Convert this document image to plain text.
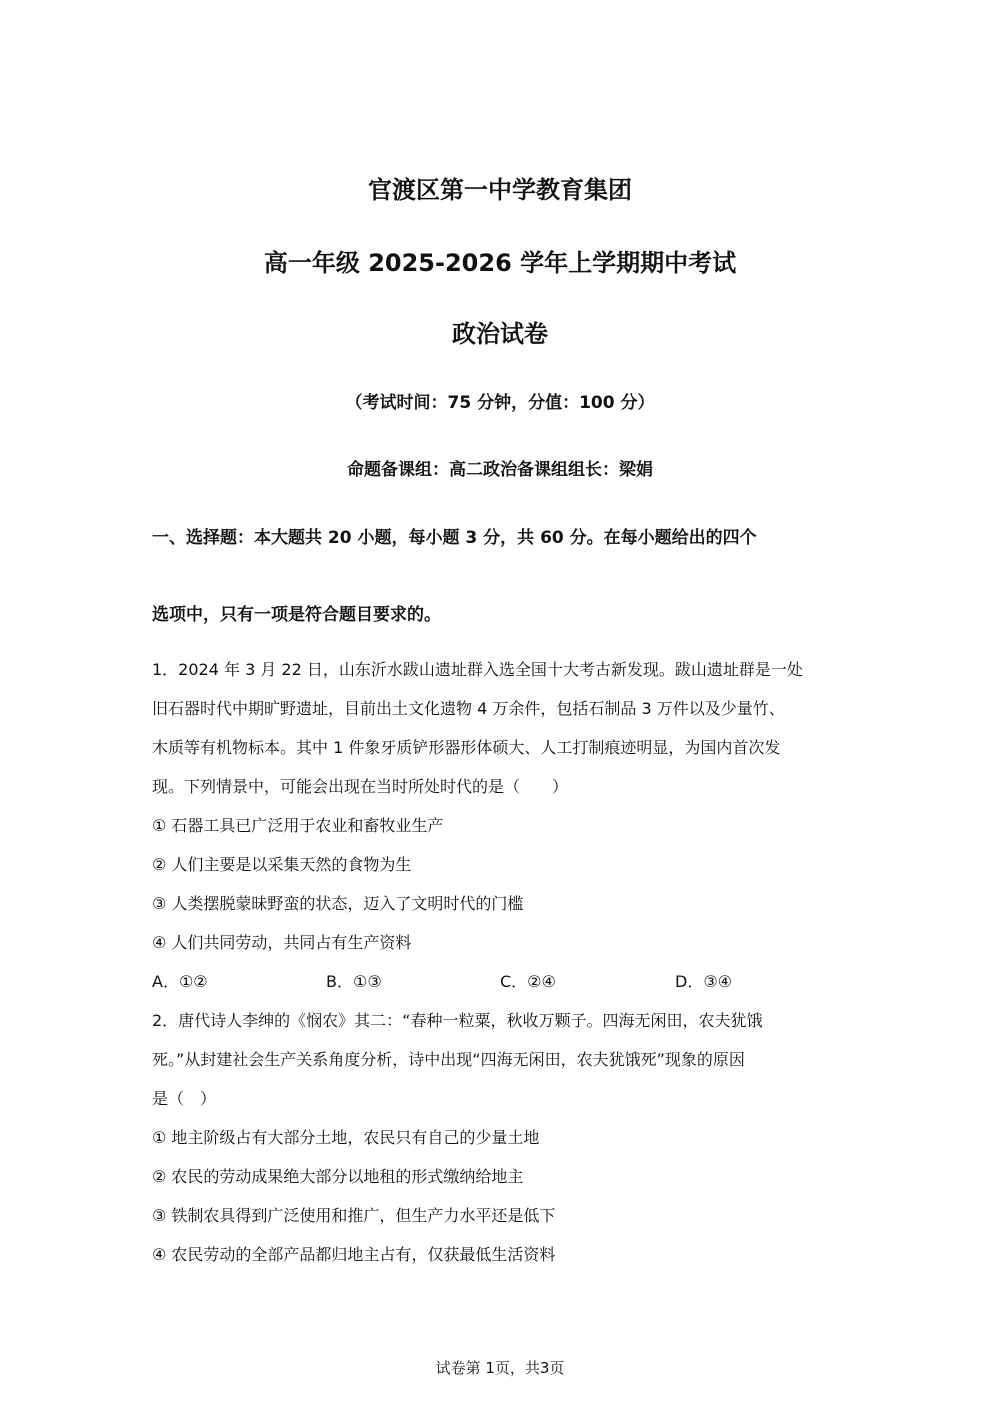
官渡区第一中学教育集团
高一年级 2025-2026 学年上学期期中考试
政治试卷
（考试时间：75 分钟，分值：100 分）
命题备课组：高二政治备课组组长：梁娟
一、选择题：本大题共 20 小题，每小题 3 分，共 60 分。在每小题给出的四个
选项中，只有一项是符合题目要求的。
1．2024 年 3 月 22 日，山东沂水跋山遗址群入选全国十大考古新发现。跋山遗址群是一处
旧石器时代中期旷野遗址，目前出土文化遗物 4 万余件，包括石制品 3 万件以及少量竹、
木质等有机物标本。其中 1 件象牙质铲形器形体硕大、人工打制痕迹明显，为国内首次发
现。下列情景中，可能会出现在当时所处时代的是（　　）
① 石器工具已广泛用于农业和畜牧业生产
② 人们主要是以采集天然的食物为生
③ 人类摆脱蒙昧野蛮的状态，迈入了文明时代的门槛
④ 人们共同劳动，共同占有生产资料
A．①②	B．①③	C．②④	D．③④
2．唐代诗人李绅的《悯农》其二：“春种一粒粟，秋收万颗子。四海无闲田，农夫犹饿
死。”从封建社会生产关系角度分析，诗中出现“四海无闲田，农夫犹饿死”现象的原因
是（　）
① 地主阶级占有大部分土地，农民只有自己的少量土地
② 农民的劳动成果绝大部分以地租的形式缴纳给地主
③ 铁制农具得到广泛使用和推广，但生产力水平还是低下
④ 农民劳动的全部产品都归地主占有，仅获最低生活资料
试卷第 1页，共3页
